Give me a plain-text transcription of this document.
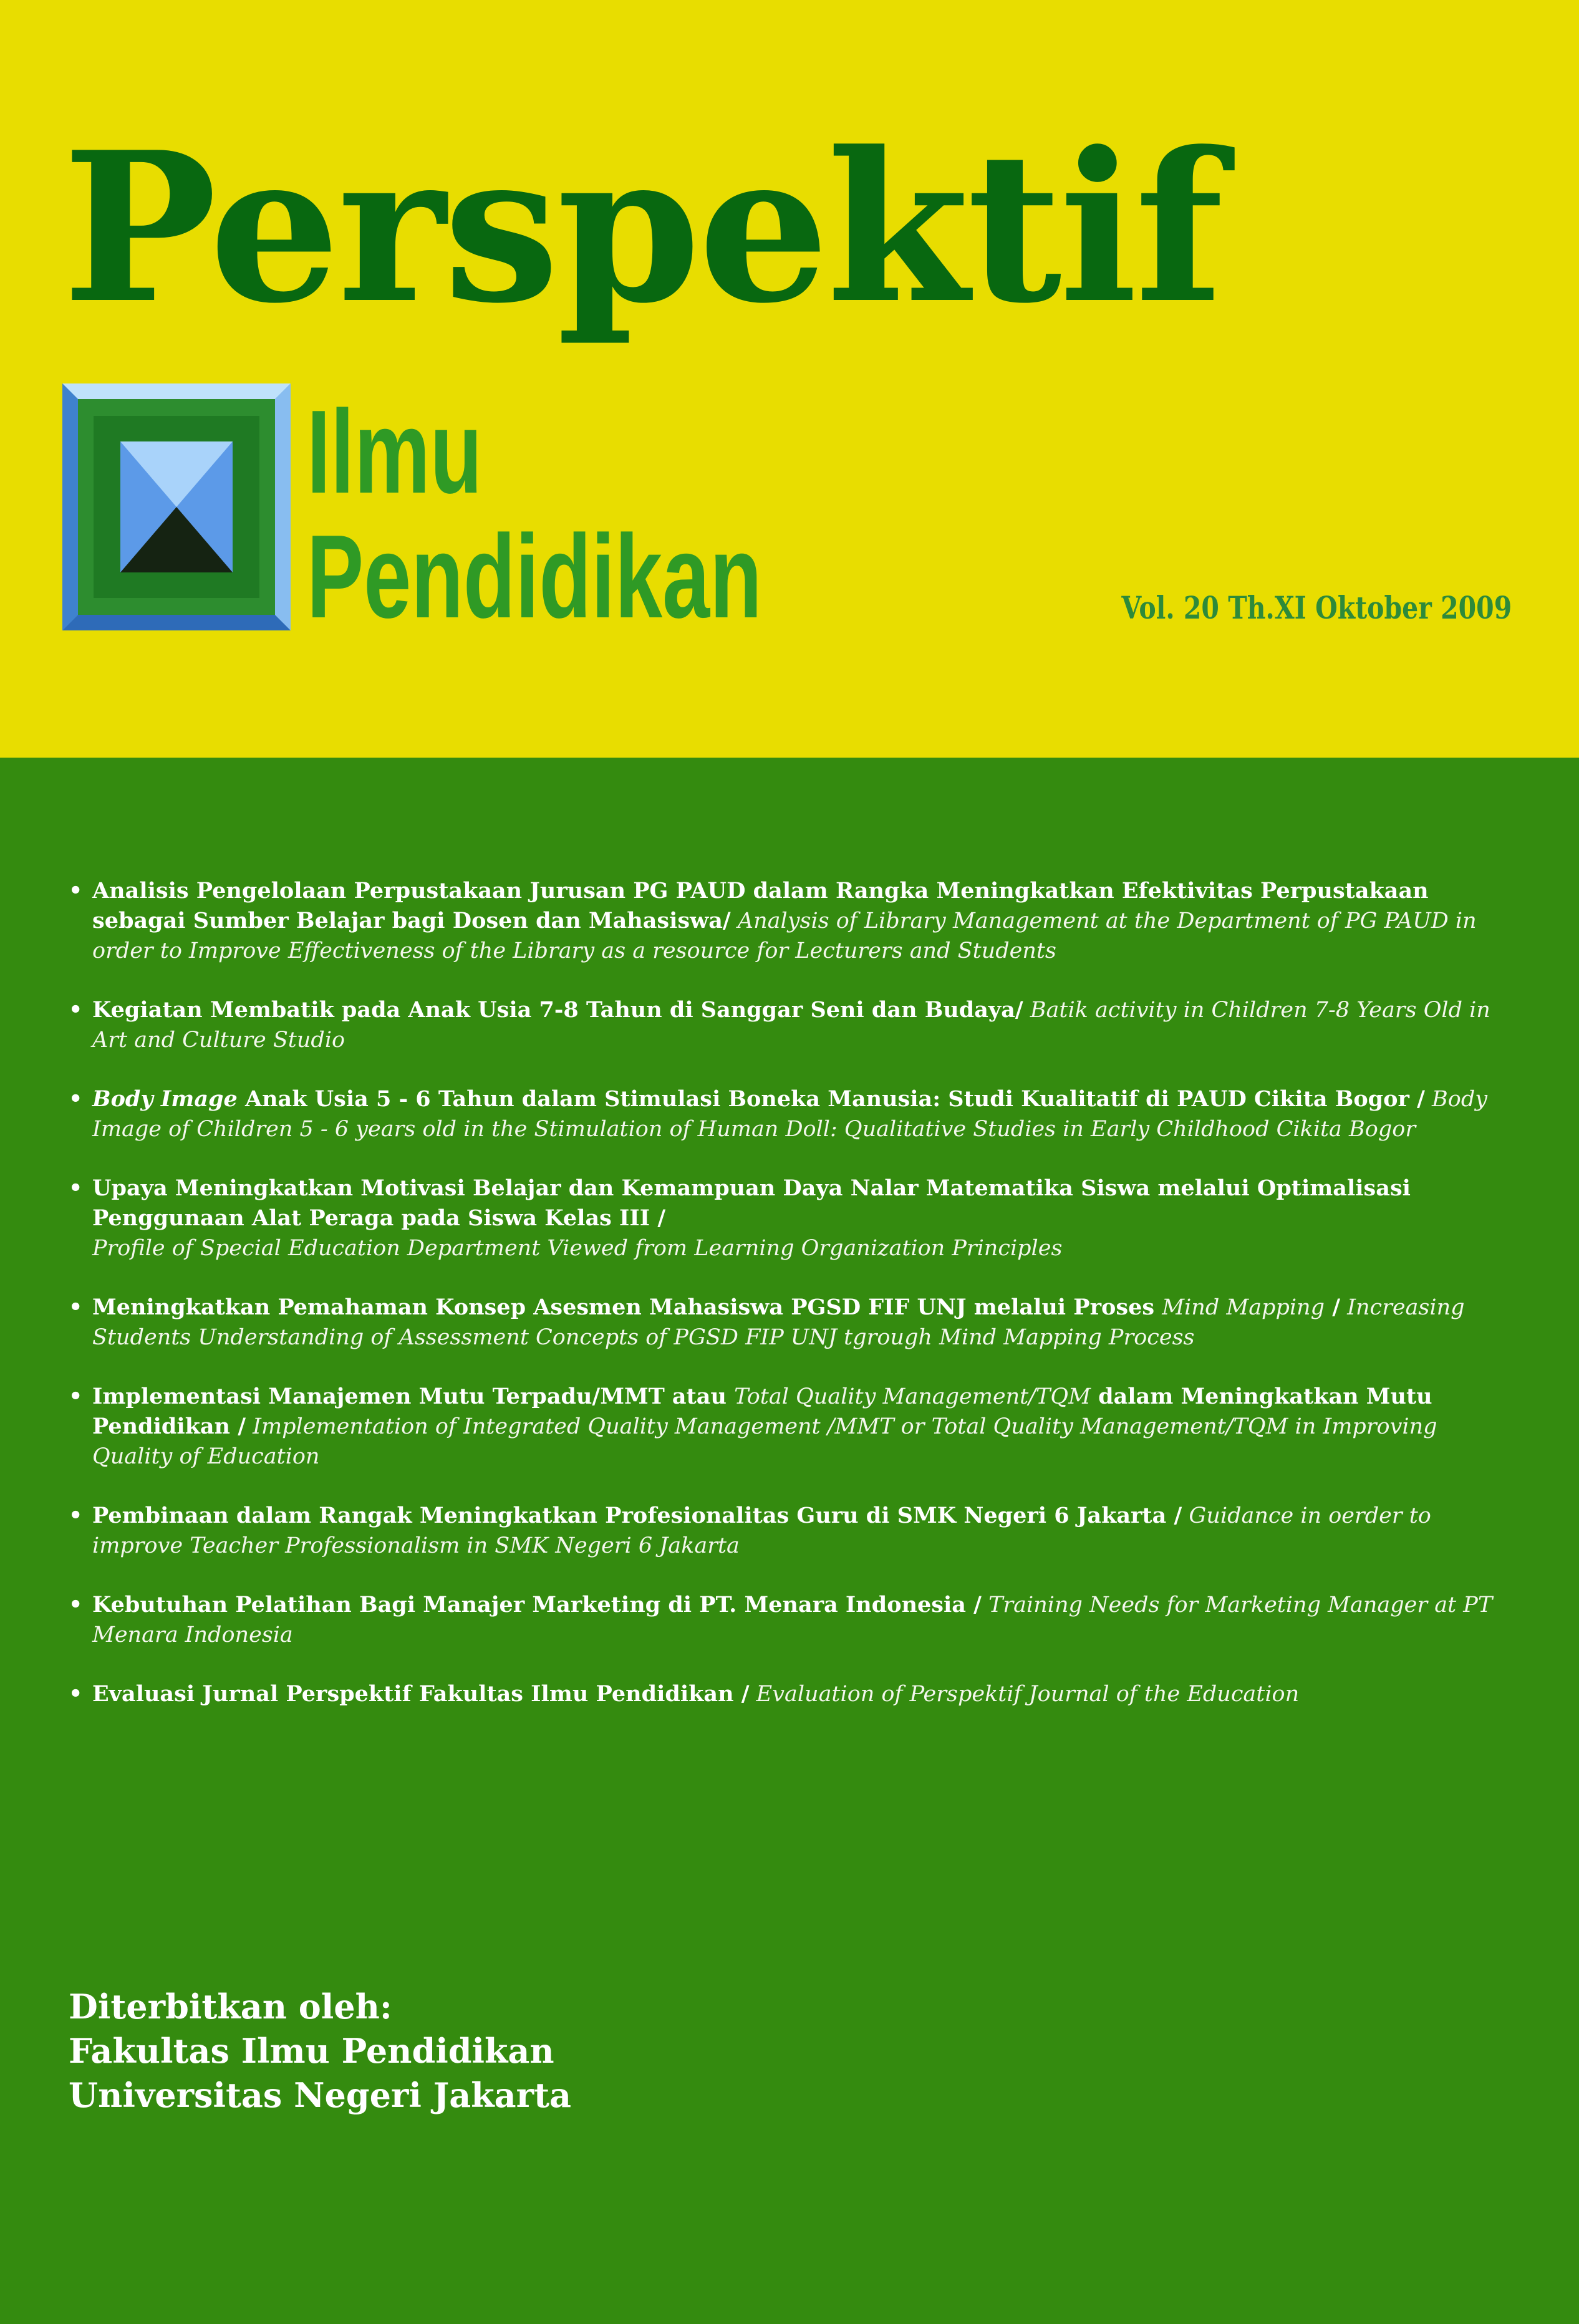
Perspektif
Ilmu
Pendidikan	Vol. 20 Th.XI Oktober 2009
• Analisis Pengelolaan Perpustakaan Jurusan PG PAUD dalam Rangka Meningkatkan Efektivitas Perpustakaan sebagai Sumber Belajar bagi Dosen dan Mahasiswa/ Analysis of Library Management at the Department of PG PAUD in order to Improve Effectiveness of the Library as a resource for Lecturers and Students
• Kegiatan Membatik pada Anak Usia 7-8 Tahun di Sanggar Seni dan Budaya/ Batik activity in Children 7-8 Years Old in Art and Culture Studio
• Body Image Anak Usia 5 - 6 Tahun dalam Stimulasi Boneka Manusia: Studi Kualitatif di PAUD Cikita Bogor / Body Image of Children 5 - 6 years old in the Stimulation of Human Doll: Qualitative Studies in Early Childhood Cikita Bogor
• Upaya Meningkatkan Motivasi Belajar dan Kemampuan Daya Nalar Matematika Siswa melalui Optimalisasi Penggunaan Alat Peraga pada Siswa Kelas III /
Profile of Special Education Department Viewed from Learning Organization Principles
• Meningkatkan Pemahaman Konsep Asesmen Mahasiswa PGSD FIF UNJ melalui Proses Mind Mapping / Increasing Students Understanding of Assessment Concepts of PGSD FIP UNJ tgrough Mind Mapping Process
• Implementasi Manajemen Mutu Terpadu/MMT atau Total Quality Management/TQM dalam Meningkatkan Mutu Pendidikan / Implementation of Integrated Quality Management /MMT or Total Quality Management/TQM in Improving Quality of Education
• Pembinaan dalam Rangak Meningkatkan Profesionalitas Guru di SMK Negeri 6 Jakarta / Guidance in oerder to improve Teacher Professionalism in SMK Negeri 6 Jakarta
• Kebutuhan Pelatihan Bagi Manajer Marketing di PT. Menara Indonesia / Training Needs for Marketing Manager at PT Menara Indonesia
• Evaluasi Jurnal Perspektif Fakultas Ilmu Pendidikan / Evaluation of Perspektif Journal of the Education
Diterbitkan oleh:
Fakultas Ilmu Pendidikan
Universitas Negeri Jakarta
